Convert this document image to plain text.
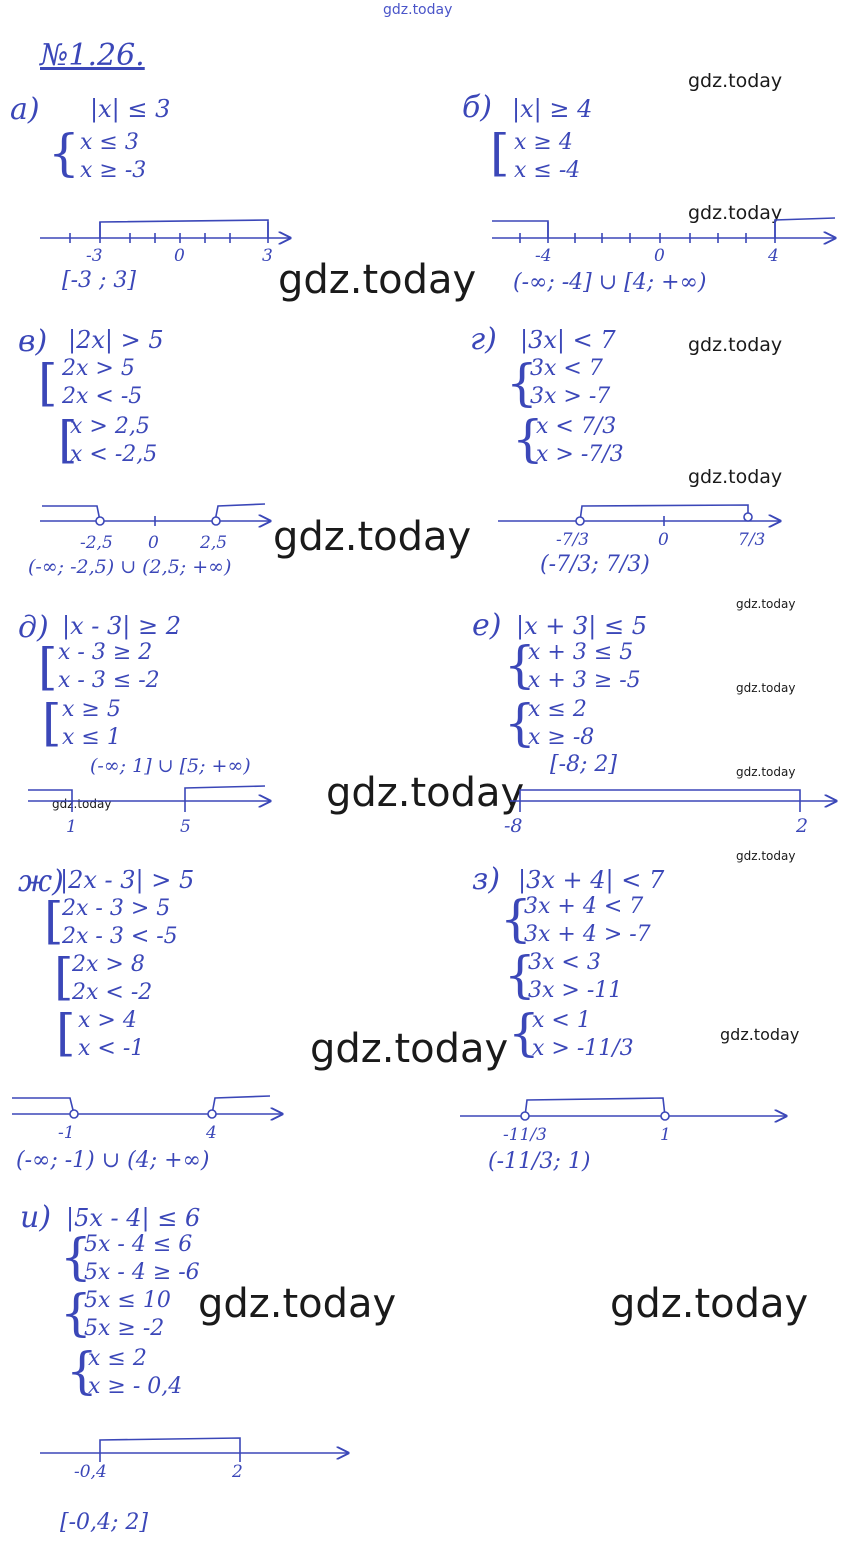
gdz.today
№1.26.
gdz.today
gdz.today
gdz.today
gdz.today
gdz.today
gdz.today
gdz.today
gdz.today
gdz.today
gdz.today
gdz.today
gdz.today
gdz.today
gdz.today
gdz.today	gdz.today
а) |x| ≤ 3
{ x ≤ 3
x ≥ -3
-3	0	3
[-3 ; 3]
б) |x| ≥ 4
[ x ≥ 4
x ≤ -4
-4	0	4
(-∞; -4] ∪ [4; +∞)
в) |2x| > 5
[ 2x > 5
2x < -5
[
x > 2,5
x < -2,5
-2,5 0 2,5
(-∞; -2,5) ∪ (2,5; +∞)
г) |3x| < 7
{
3x < 7
3x > -7
{
x < 7/3
x > -7/3
-7/3	0	7/3
(-7/3; 7/3)
д) |x - 3| ≥ 2
[ x - 3 ≥ 2
x - 3 ≤ -2
[ x ≥ 5
x ≤ 1
(-∞; 1] ∪ [5; +∞)
1	5
е) |x + 3| ≤ 5
{
x + 3 ≤ 5
x + 3 ≥ -5
{
x ≤ 2
x ≥ -8
[-8; 2]
-8	2
ж)
|2x - 3| > 5
[
2x - 3 > 5
2x - 3 < -5
[
2x > 8
2x < -2
[ x > 4
x < -1
-1	4
(-∞; -1) ∪ (4; +∞)
з) |3x + 4| < 7
{
3x + 4 < 7
3x + 4 > -7
{
3x < 3
3x > -11
{
x < 1
x > -11/3
-11/3	1
(-11/3; 1)
и) |5x - 4| ≤ 6
{
5x - 4 ≤ 6
5x - 4 ≥ -6
{
5x ≤ 10
5x ≥ -2
{
x ≤ 2
x ≥ - 0,4
-0,4	2
[-0,4; 2]
